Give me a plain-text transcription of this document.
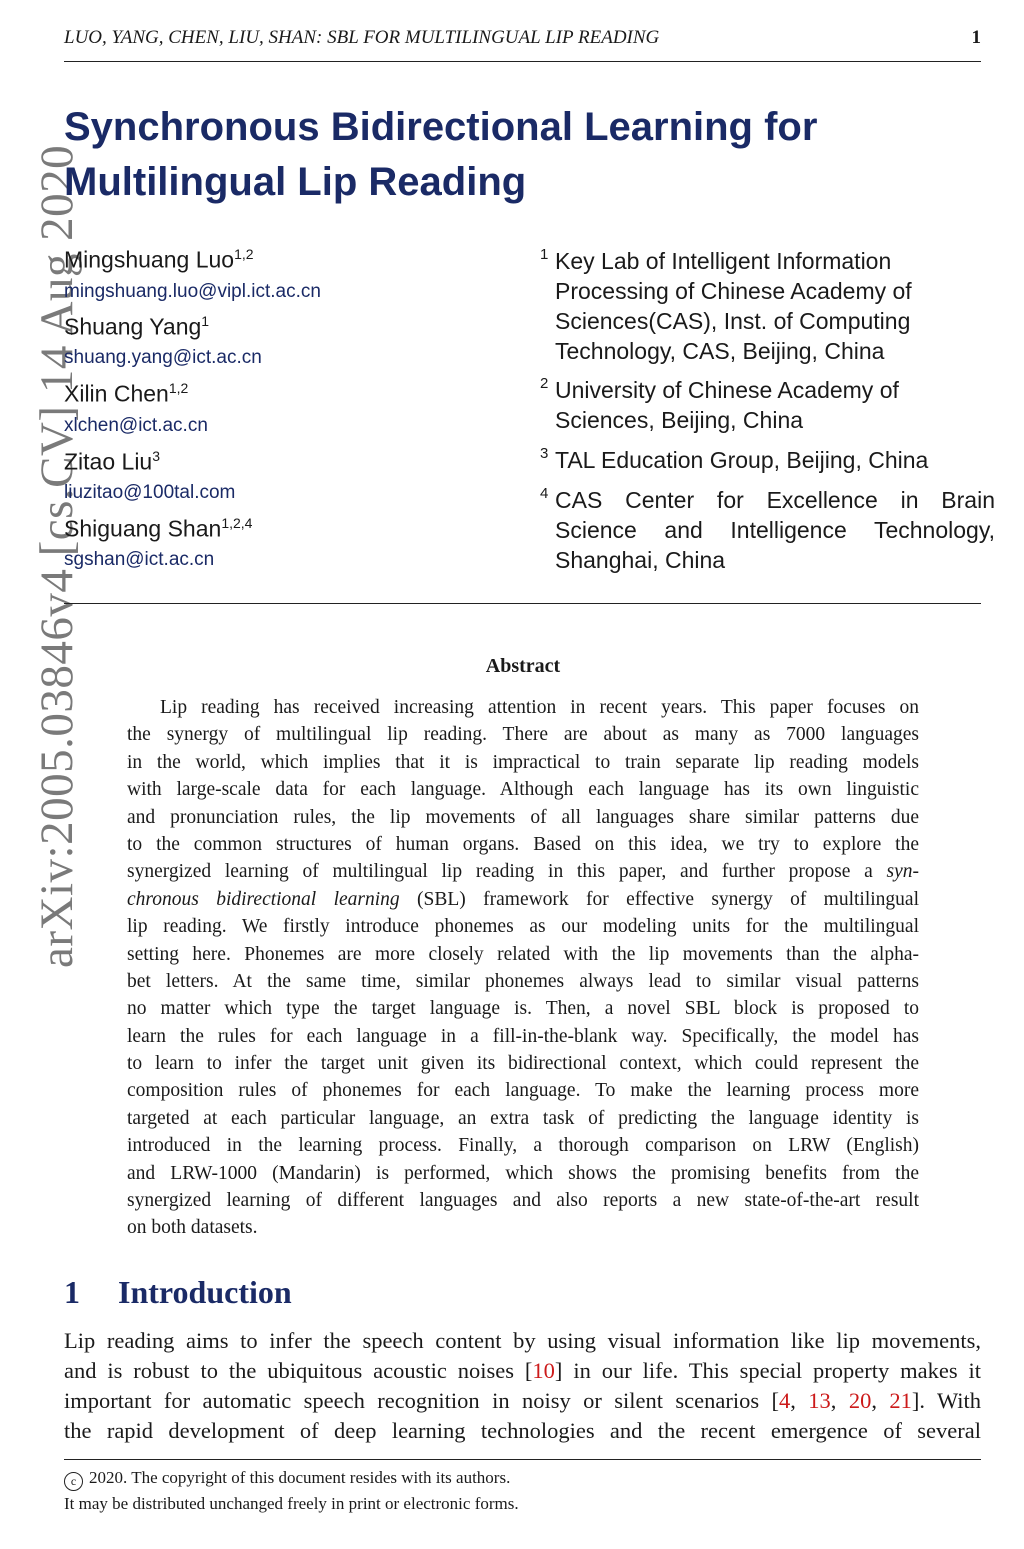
LUO, YANG, CHEN, LIU, SHAN: SBL FOR MULTILINGUAL LIP READING	1
arXiv:2005.03846v4 [cs.CV] 14 Aug 2020
Synchronous Bidirectional Learning for
Multilingual Lip Reading
Mingshuang Luo$^{1,2}$
mingshuang.luo@vipl.ict.ac.cn
Shuang Yang$^1$
shuang.yang@ict.ac.cn
Xilin Chen$^{1,2}$
xlchen@ict.ac.cn
Zitao Liu$^3$
liuzitao@100tal.com
Shiguang Shan$^{1,2,4}$
sgshan@ict.ac.cn
1 Key Lab of Intelligent Information
Processing of Chinese Academy of
Sciences(CAS), Inst. of Computing
Technology, CAS, Beijing, China
2 University of Chinese Academy of
Sciences, Beijing, China
3 TAL Education Group, Beijing, China
4 CAS Center for Excellence in Brain
Science and Intelligence Technology,
Shanghai, China
Abstract
Lip reading has received increasing attention in recent years. This paper focuses on
the synergy of multilingual lip reading. There are about as many as 7000 languages
in the world, which implies that it is impractical to train separate lip reading models
with large-scale data for each language. Although each language has its own linguistic
and pronunciation rules, the lip movements of all languages share similar patterns due
to the common structures of human organs. Based on this idea, we try to explore the
synergized learning of multilingual lip reading in this paper, and further propose a syn-
chronous bidirectional learning (SBL) framework for effective synergy of multilingual
lip reading. We firstly introduce phonemes as our modeling units for the multilingual
setting here. Phonemes are more closely related with the lip movements than the alpha-
bet letters. At the same time, similar phonemes always lead to similar visual patterns
no matter which type the target language is. Then, a novel SBL block is proposed to
learn the rules for each language in a fill-in-the-blank way. Specifically, the model has
to learn to infer the target unit given its bidirectional context, which could represent the
composition rules of phonemes for each language. To make the learning process more
targeted at each particular language, an extra task of predicting the language identity is
introduced in the learning process. Finally, a thorough comparison on LRW (English)
and LRW-1000 (Mandarin) is performed, which shows the promising benefits from the
synergized learning of different languages and also reports a new state-of-the-art result
on both datasets.
1 Introduction
Lip reading aims to infer the speech content by using visual information like lip movements,
and is robust to the ubiquitous acoustic noises [10] in our life. This special property makes it
important for automatic speech recognition in noisy or silent scenarios [4, 13, 20, 21]. With
the rapid development of deep learning technologies and the recent emergence of several
c 2020. The copyright of this document resides with its authors.
It may be distributed unchanged freely in print or electronic forms.
